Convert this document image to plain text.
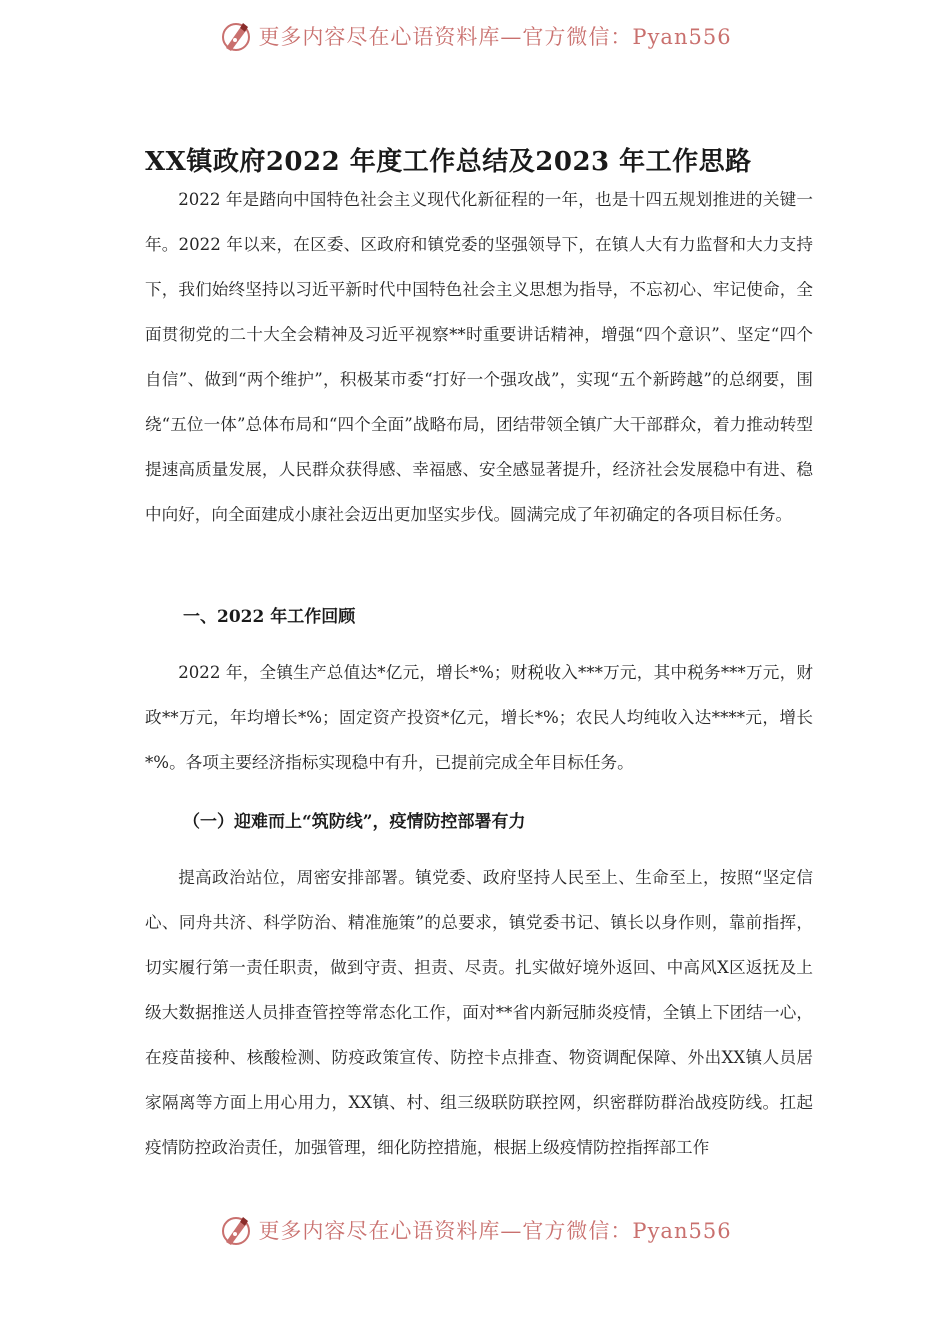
更多内容尽在心语资料库—官方微信：Pyan556
XX镇政府2022 年度工作总结及2023 年工作思路

2022 年是踏向中国特色社会主义现代化新征程的一年，也是十四五规划推进的关键一年。2022 年以来，在区委、区政府和镇党委的坚强领导下，在镇人大有力监督和大力支持下，我们始终坚持以习近平新时代中国特色社会主义思想为指导，不忘初心、牢记使命，全面贯彻党的二十大全会精神及习近平视察**时重要讲话精神，增强“四个意识”、坚定“四个自信”、做到“两个维护”，积极某市委“打好一个强攻战”，实现“五个新跨越”的总纲要，围绕“五位一体”总体布局和“四个全面”战略布局，团结带领全镇广大干部群众，着力推动转型提速高质量发展，人民群众获得感、幸福感、安全感显著提升，经济社会发展稳中有进、稳中向好，向全面建成小康社会迈出更加坚实步伐。圆满完成了年初确定的各项目标任务。

一、2022 年工作回顾

2022 年，全镇生产总值达*亿元，增长*%；财税收入***万元，其中税务***万元，财政**万元，年均增长*%；固定资产投资*亿元，增长*%；农民人均纯收入达****元，增长*%。各项主要经济指标实现稳中有升，已提前完成全年目标任务。

（一）迎难而上“筑防线”，疫情防控部署有力

提高政治站位，周密安排部署。镇党委、政府坚持人民至上、生命至上，按照“坚定信心、同舟共济、科学防治、精准施策”的总要求，镇党委书记、镇长以身作则，靠前指挥，切实履行第一责任职责，做到守责、担责、尽责。扎实做好境外返回、中高风X区返抚及上级大数据推送人员排查管控等常态化工作，面对**省内新冠肺炎疫情，全镇上下团结一心，在疫苗接种、核酸检测、防疫政策宣传、防控卡点排查、物资调配保障、外出XX镇人员居家隔离等方面上用心用力，XX镇、村、组三级联防联控网，织密群防群治战疫防线。扛起疫情防控政治责任，加强管理，细化防控措施，根据上级疫情防控指挥部工作

更多内容尽在心语资料库—官方微信：Pyan556
